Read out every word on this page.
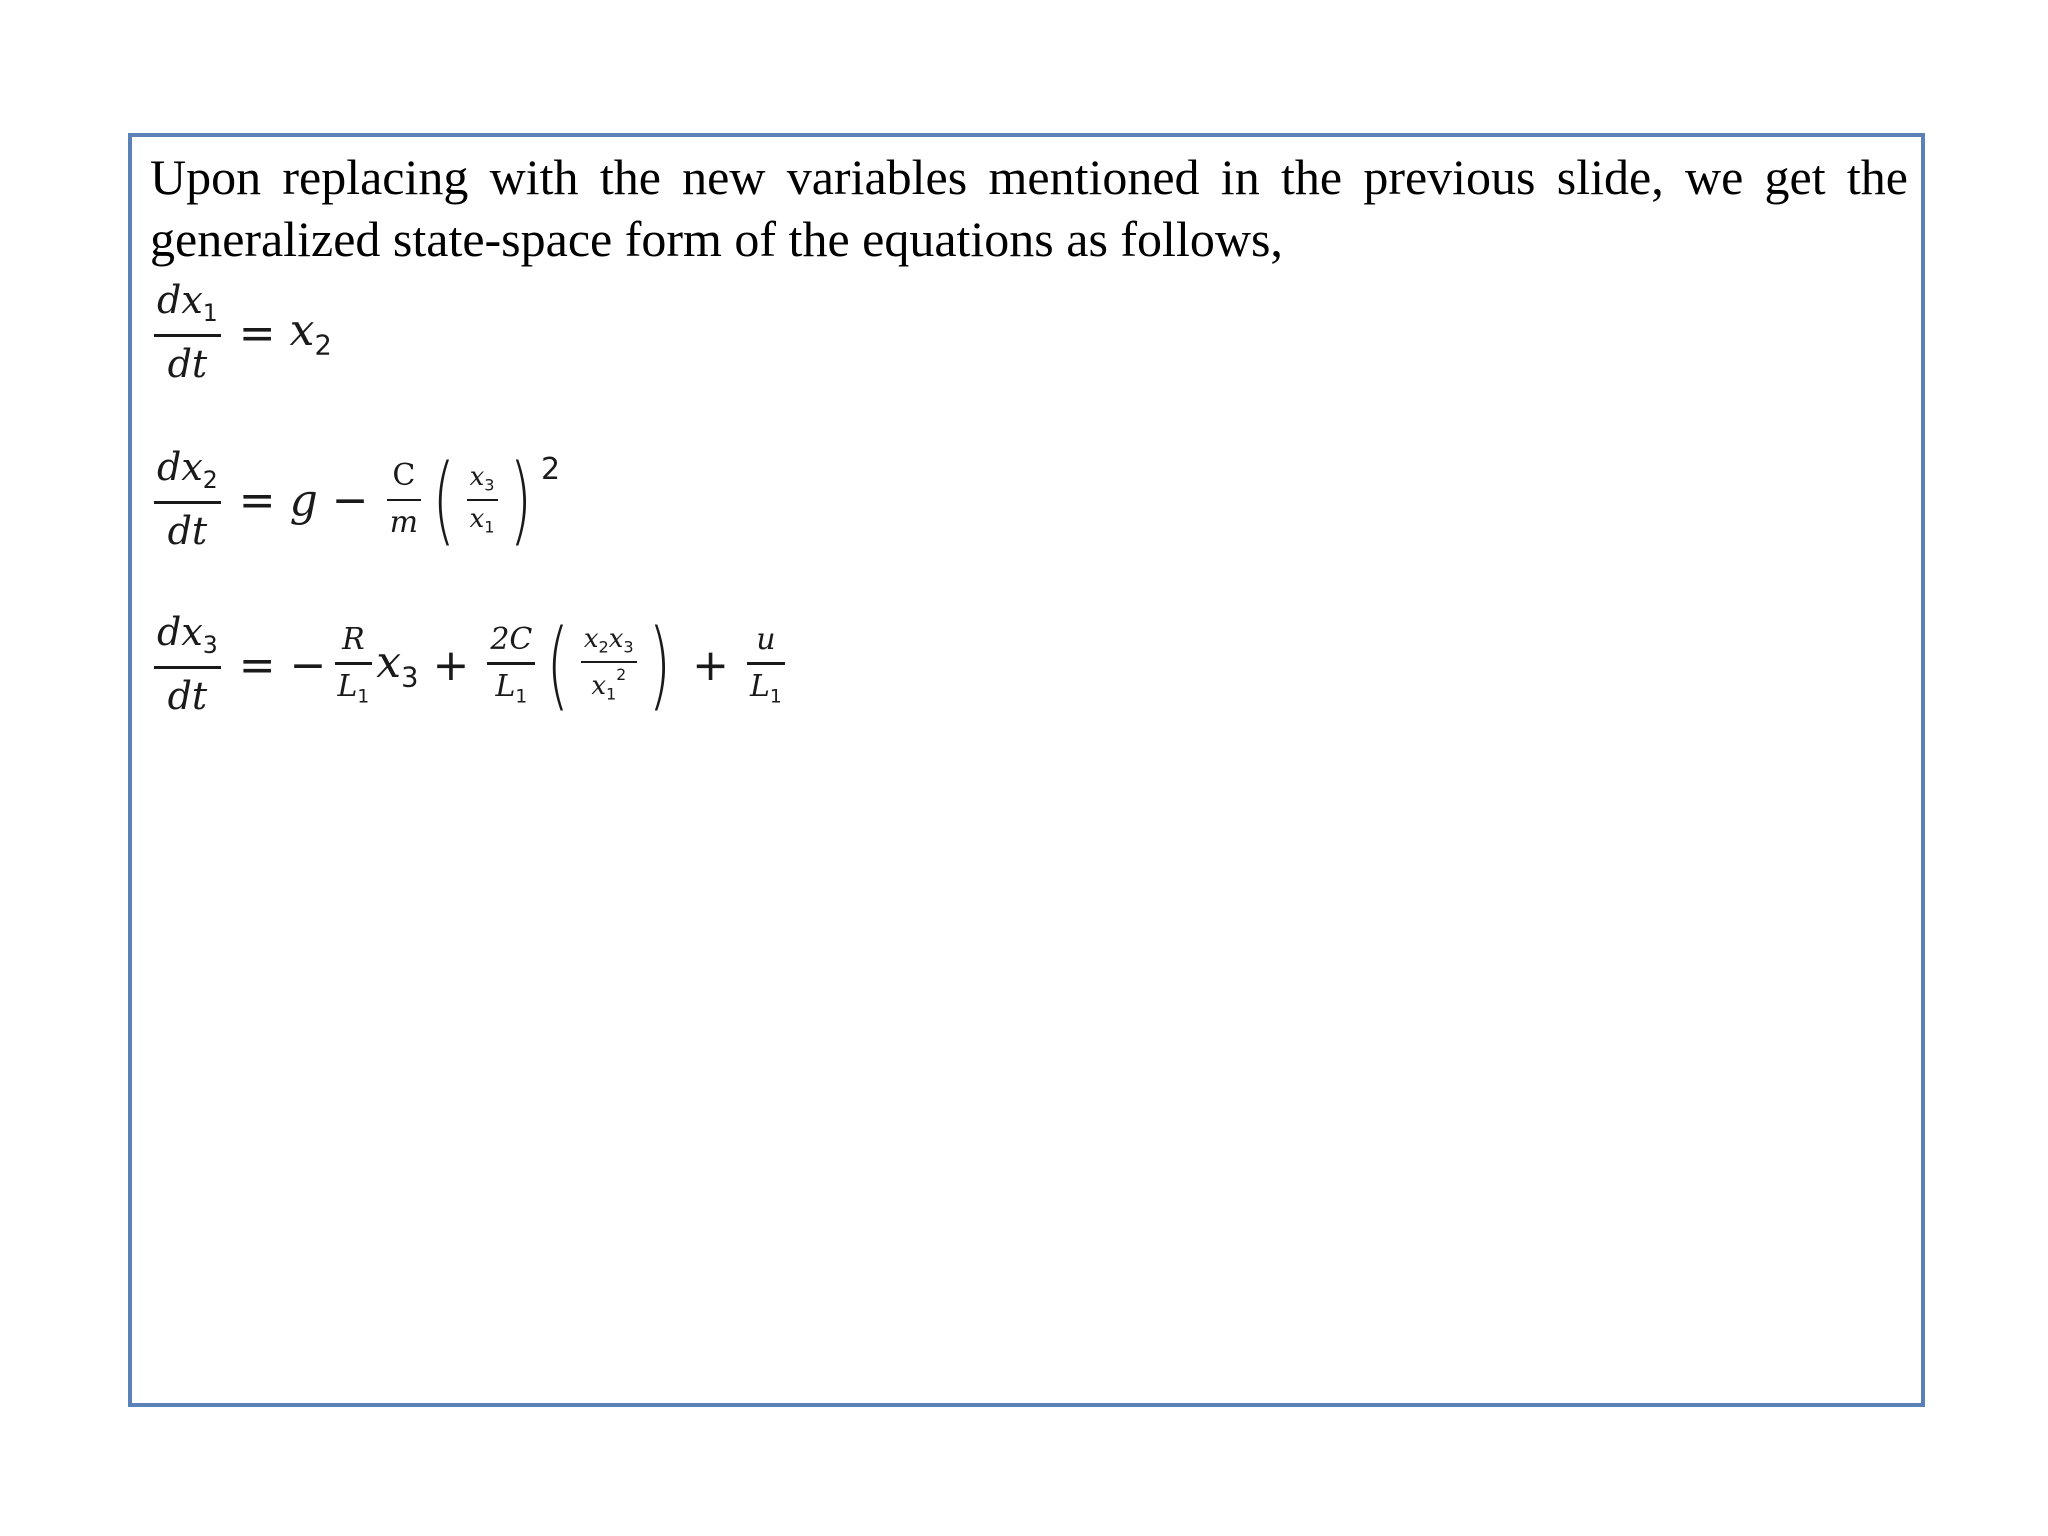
Upon replacing with the new variables mentioned in the previous slide, we get the generalized state-space form of the equations as follows,

$\frac{dx_1}{dt} = x_2$
$\frac{dx_2}{dt} = g - \frac{C}{m}$ ( $\frac{x_3}{x_1}$ ) 2
$\frac{dx_3}{dt}$ = − $\frac{R}{L_1} x_3 + \frac{2C}{L_1}$ ( $\frac{x_2x_3}{x_1^2}$ ) + $\frac{u}{L_1}$
